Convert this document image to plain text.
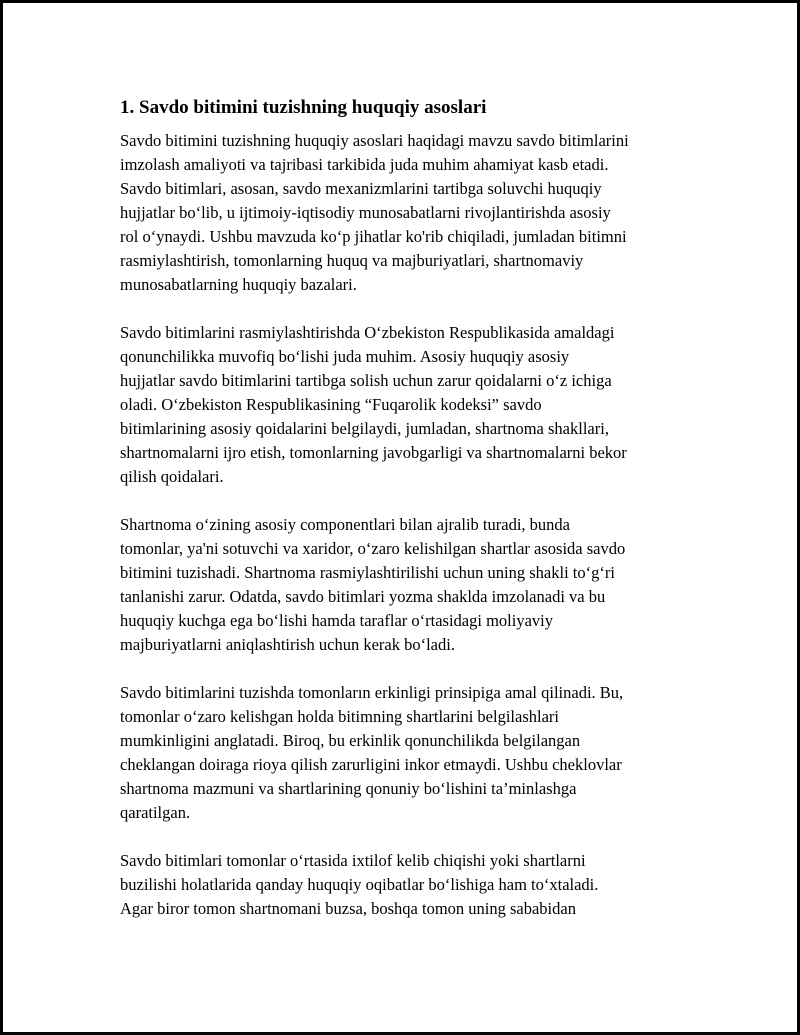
1. Savdo bitimini tuzishning huquqiy asoslari

Savdo bitimini tuzishning huquqiy asoslari haqidagi mavzu savdo bitimlarini
imzolash amaliyoti va tajribasi tarkibida juda muhim ahamiyat kasb etadi.
Savdo bitimlari, asosan, savdo mexanizmlarini tartibga soluvchi huquqiy
hujjatlar bo‘lib, u ijtimoiy-iqtisodiy munosabatlarni rivojlantirishda asosiy
rol o‘ynaydi. Ushbu mavzuda ko‘p jihatlar ko'rib chiqiladi, jumladan bitimni
rasmiylashtirish, tomonlarning huquq va majburiyatlari, shartnomaviy
munosabatlarning huquqiy bazalari.

Savdo bitimlarini rasmiylashtirishda O‘zbekiston Respublikasida amaldagi
qonunchilikka muvofiq bo‘lishi juda muhim. Asosiy huquqiy asosiy
hujjatlar savdo bitimlarini tartibga solish uchun zarur qoidalarni o‘z ichiga
oladi. O‘zbekiston Respublikasining “Fuqarolik kodeksi” savdo
bitimlarining asosiy qoidalarini belgilaydi, jumladan, shartnoma shakllari,
shartnomalarni ijro etish, tomonlarning javobgarligi va shartnomalarni bekor
qilish qoidalari.

Shartnoma o‘zining asosiy componentlari bilan ajralib turadi, bunda
tomonlar, ya'ni sotuvchi va xaridor, o‘zaro kelishilgan shartlar asosida savdo
bitimini tuzishadi. Shartnoma rasmiylashtirilishi uchun uning shakli to‘g‘ri
tanlanishi zarur. Odatda, savdo bitimlari yozma shaklda imzolanadi va bu
huquqiy kuchga ega bo‘lishi hamda taraflar o‘rtasidagi moliyaviy
majburiyatlarni aniqlashtirish uchun kerak bo‘ladi.

Savdo bitimlarini tuzishda tomonların erkinligi prinsipiga amal qilinadi. Bu,
tomonlar o‘zaro kelishgan holda bitimning shartlarini belgilashlari
mumkinligini anglatadi. Biroq, bu erkinlik qonunchilikda belgilangan
cheklangan doiraga rioya qilish zarurligini inkor etmaydi. Ushbu cheklovlar
shartnoma mazmuni va shartlarining qonuniy bo‘lishini ta’minlashga
qaratilgan.

Savdo bitimlari tomonlar o‘rtasida ixtilof kelib chiqishi yoki shartlarni
buzilishi holatlarida qanday huquqiy oqibatlar bo‘lishiga ham to‘xtaladi.
Agar biror tomon shartnomani buzsa, boshqa tomon uning sababidan
